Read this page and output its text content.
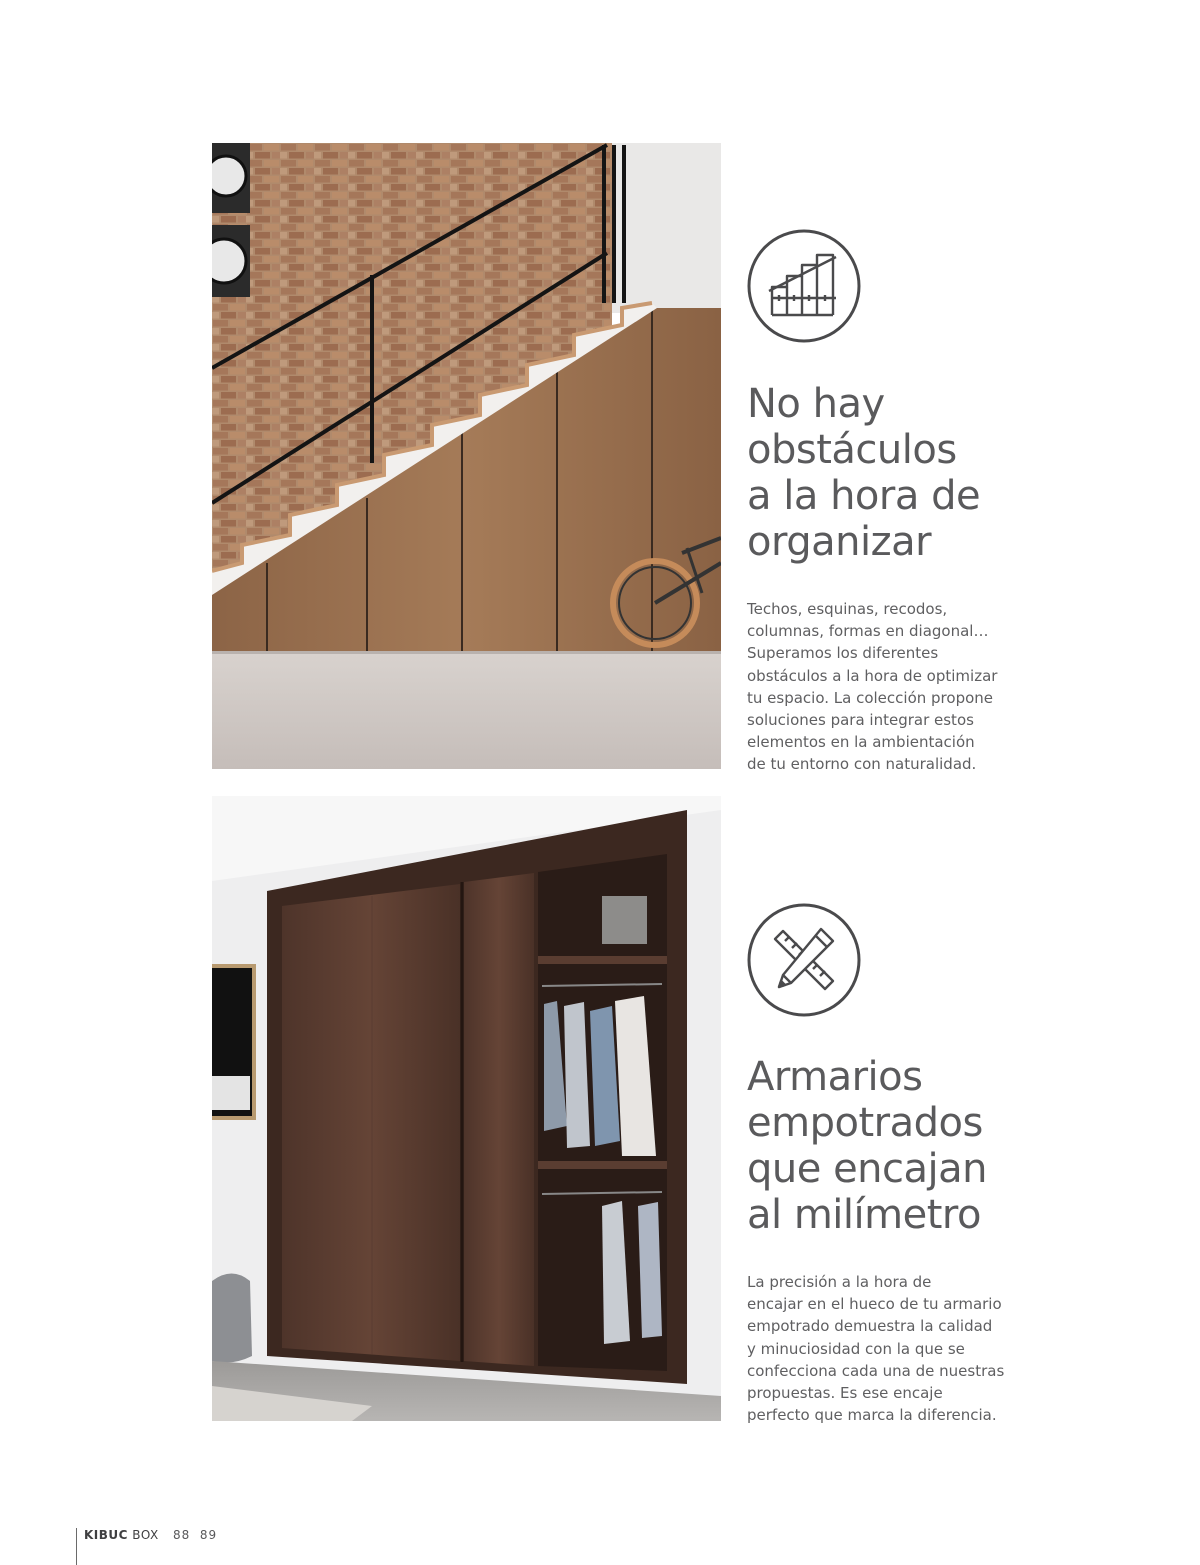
No hay
obstáculos
a la hora de
organizar

Techos, esquinas, recodos,
columnas, formas en diagonal…
Superamos los diferentes
obstáculos a la hora de optimizar
tu espacio. La colección propone
soluciones para integrar estos
elementos en la ambientación
de tu entorno con naturalidad.

Armarios
empotrados
que encajan
al milímetro

La precisión a la hora de
encajar en el hueco de tu armario
empotrado demuestra la calidad
y minuciosidad con la que se
confecciona cada una de nuestras
propuestas. Es ese encaje
perfecto que marca la diferencia.

KIBUC BOX 88  89
